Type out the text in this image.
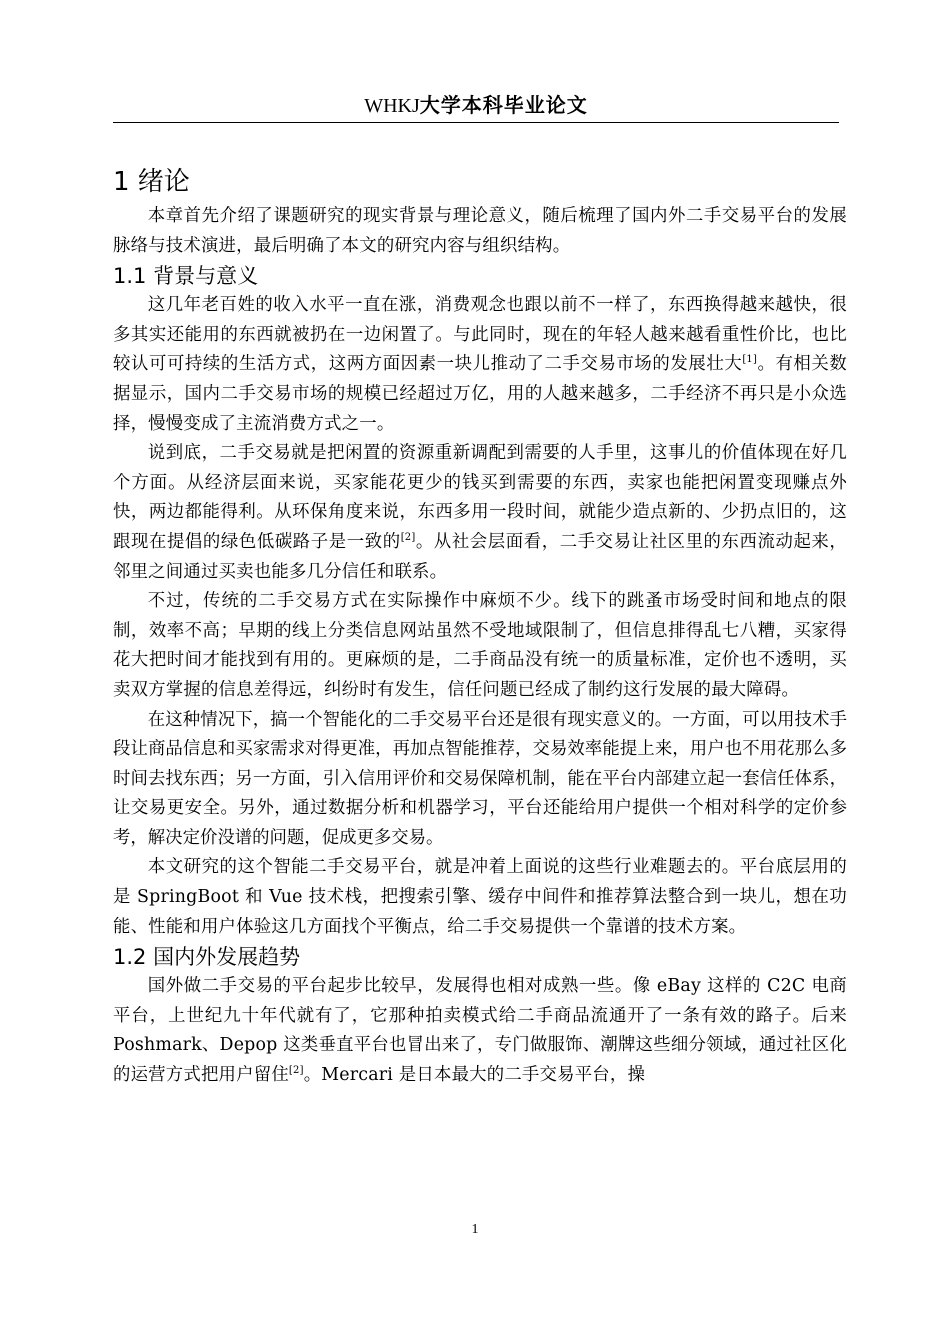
WHKJ大学本科毕业论文
1 绪论

本章首先介绍了课题研究的现实背景与理论意义，随后梳理了国内外二手交易平台的发展脉络与技术演进，最后明确了本文的研究内容与组织结构。

1.1 背景与意义

这几年老百姓的收入水平一直在涨，消费观念也跟以前不一样了，东西换得越来越快，很多其实还能用的东西就被扔在一边闲置了。与此同时，现在的年轻人越来越看重性价比，也比较认可可持续的生活方式，这两方面因素一块儿推动了二手交易市场的发展壮大[1]。有相关数据显示，国内二手交易市场的规模已经超过万亿，用的人越来越多，二手经济不再只是小众选择，慢慢变成了主流消费方式之一。

说到底，二手交易就是把闲置的资源重新调配到需要的人手里，这事儿的价值体现在好几个方面。从经济层面来说，买家能花更少的钱买到需要的东西，卖家也能把闲置变现赚点外快，两边都能得利。从环保角度来说，东西多用一段时间，就能少造点新的、少扔点旧的，这跟现在提倡的绿色低碳路子是一致的[2]。从社会层面看，二手交易让社区里的东西流动起来，邻里之间通过买卖也能多几分信任和联系。

不过，传统的二手交易方式在实际操作中麻烦不少。线下的跳蚤市场受时间和地点的限制，效率不高；早期的线上分类信息网站虽然不受地域限制了，但信息排得乱七八糟，买家得花大把时间才能找到有用的。更麻烦的是，二手商品没有统一的质量标准，定价也不透明，买卖双方掌握的信息差得远，纠纷时有发生，信任问题已经成了制约这行发展的最大障碍。

在这种情况下，搞一个智能化的二手交易平台还是很有现实意义的。一方面，可以用技术手段让商品信息和买家需求对得更准，再加点智能推荐，交易效率能提上来，用户也不用花那么多时间去找东西；另一方面，引入信用评价和交易保障机制，能在平台内部建立起一套信任体系，让交易更安全。另外，通过数据分析和机器学习，平台还能给用户提供一个相对科学的定价参考，解决定价没谱的问题，促成更多交易。

本文研究的这个智能二手交易平台，就是冲着上面说的这些行业难题去的。平台底层用的是 SpringBoot 和 Vue 技术栈，把搜索引擎、缓存中间件和推荐算法整合到一块儿，想在功能、性能和用户体验这几方面找个平衡点，给二手交易提供一个靠谱的技术方案。

1.2 国内外发展趋势

国外做二手交易的平台起步比较早，发展得也相对成熟一些。像 eBay 这样的 C2C 电商平台，上世纪九十年代就有了，它那种拍卖模式给二手商品流通开了一条有效的路子。后来 Poshmark、Depop 这类垂直平台也冒出来了，专门做服饰、潮牌这些细分领域，通过社区化的运营方式把用户留住[2]。Mercari 是日本最大的二手交易平台，操

1
